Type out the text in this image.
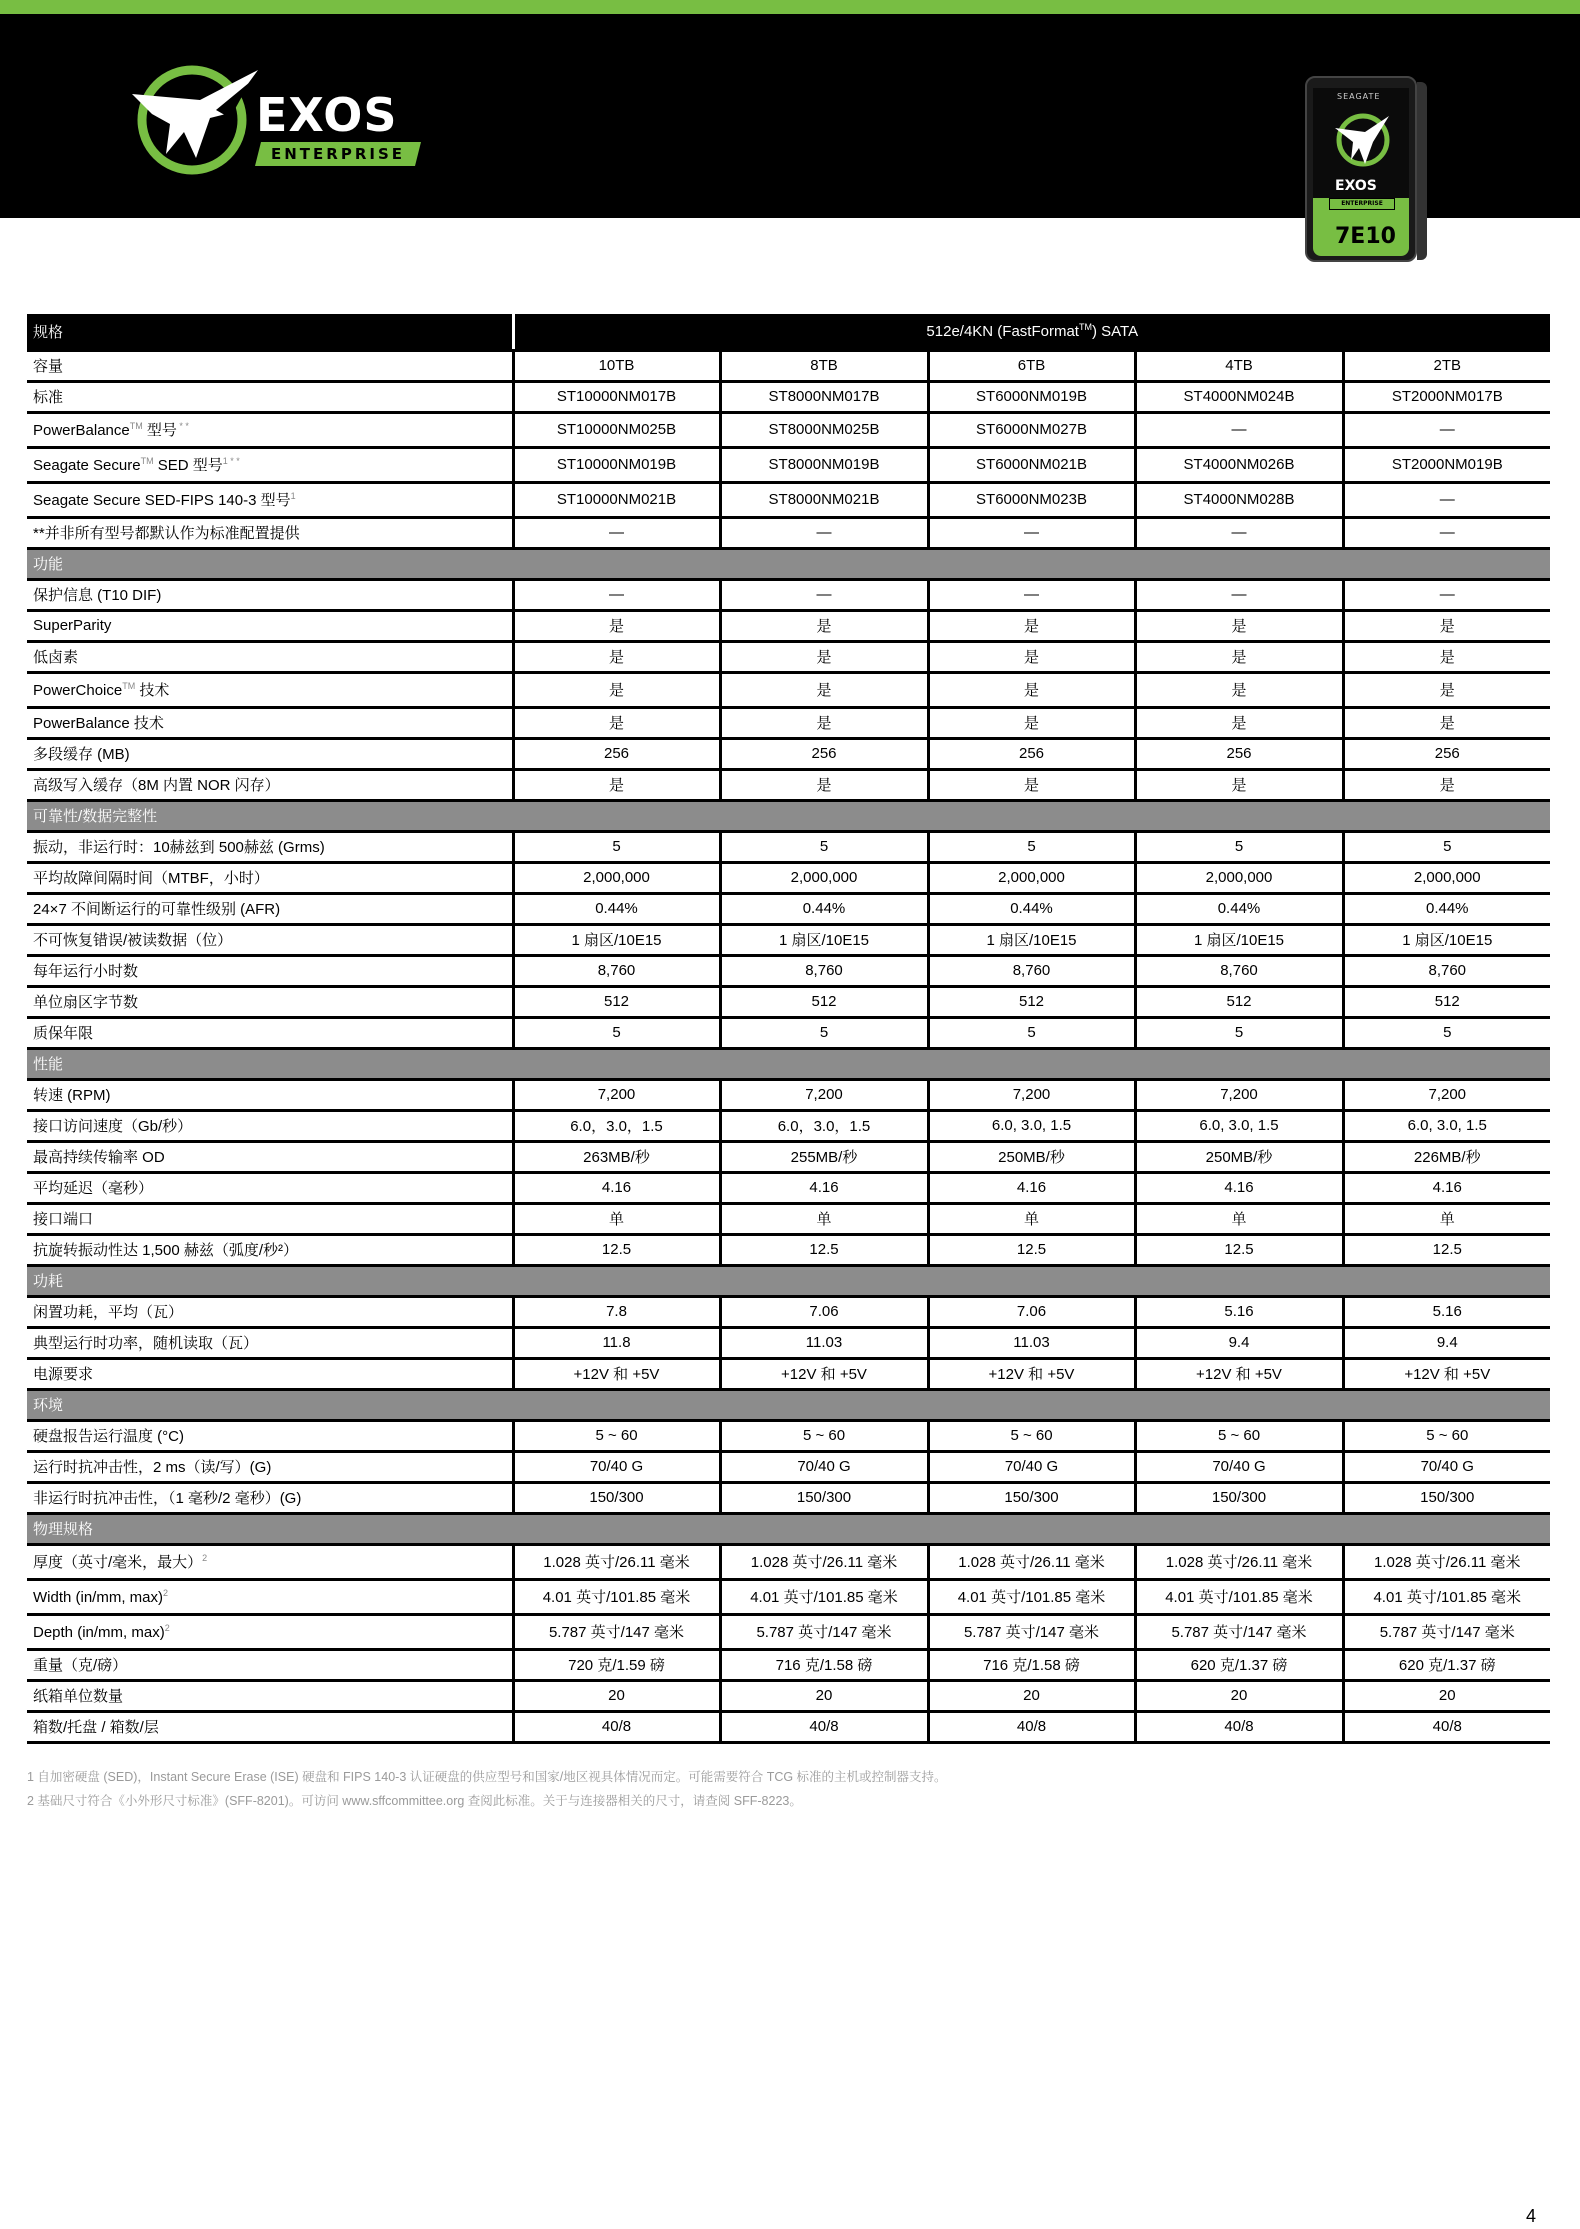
EXOS
ENTERPRISE
SEAGATE
EXOS
ENTERPRISE
7E10
规格	512e/4KN (FastFormat™) SATA				
容量	10TB	8TB	6TB	4TB	2TB
标准	ST10000NM017B	ST8000NM017B	ST6000NM019B	ST4000NM024B	ST2000NM017B
PowerBalance™ 型号 * *	ST10000NM025B	ST8000NM025B	ST6000NM027B	—	—
Seagate Secure™ SED 型号$^{1 * *}$	ST10000NM019B	ST8000NM019B	ST6000NM021B	ST4000NM026B	ST2000NM019B
Seagate Secure SED-FIPS 140-3 型号$^1$	ST10000NM021B	ST8000NM021B	ST6000NM023B	ST4000NM028B	—
**并非所有型号都默认作为标准配置提供	—	—	—	—	—
功能					
保护信息 (T10 DIF)	—	—	—	—	—
SuperParity	是	是	是	是	是
低卤素	是	是	是	是	是
PowerChoice™ 技术	是	是	是	是	是
PowerBalance 技术	是	是	是	是	是
多段缓存 (MB)	256	256	256	256	256
高级写入缓存（8M 内置 NOR 闪存）	是	是	是	是	是
可靠性/数据完整性					
振动，非运行时：10赫兹到 500赫兹 (Grms)	5	5	5	5	5
平均故障间隔时间（MTBF，小时）	2,000,000	2,000,000	2,000,000	2,000,000	2,000,000
24×7 不间断运行的可靠性级别 (AFR)	0.44%	0.44%	0.44%	0.44%	0.44%
不可恢复错误/被读数据（位）	1 扇区/10E15	1 扇区/10E15	1 扇区/10E15	1 扇区/10E15	1 扇区/10E15
每年运行小时数	8,760	8,760	8,760	8,760	8,760
单位扇区字节数	512	512	512	512	512
质保年限	5	5	5	5	5
性能					
转速 (RPM)	7,200	7,200	7,200	7,200	7,200
接口访问速度（Gb/秒）	6.0，3.0，1.5	6.0，3.0，1.5	6.0, 3.0, 1.5	6.0, 3.0, 1.5	6.0, 3.0, 1.5
最高持续传输率 OD	263MB/秒	255MB/秒	250MB/秒	250MB/秒	226MB/秒
平均延迟（毫秒）	4.16	4.16	4.16	4.16	4.16
接口端口	单	单	单	单	单
抗旋转振动性达 1,500 赫兹（弧度/秒²）	12.5	12.5	12.5	12.5	12.5
功耗					
闲置功耗，平均（瓦）	7.8	7.06	7.06	5.16	5.16
典型运行时功率，随机读取（瓦）	11.8	11.03	11.03	9.4	9.4
电源要求	+12V 和 +5V	+12V 和 +5V	+12V 和 +5V	+12V 和 +5V	+12V 和 +5V
环境					
硬盘报告运行温度 (°C)	5 ~ 60	5 ~ 60	5 ~ 60	5 ~ 60	5 ~ 60
运行时抗冲击性，2 ms（读/写）(G)	70/40 G	70/40 G	70/40 G	70/40 G	70/40 G
非运行时抗冲击性，（1 毫秒/2 毫秒）(G)	150/300	150/300	150/300	150/300	150/300
物理规格					
厚度（英寸/毫米，最大）$^2$	1.028 英寸/26.11 毫米	1.028 英寸/26.11 毫米	1.028 英寸/26.11 毫米	1.028 英寸/26.11 毫米	1.028 英寸/26.11 毫米
Width (in/mm, max)$^2$	4.01 英寸/101.85 毫米	4.01 英寸/101.85 毫米	4.01 英寸/101.85 毫米	4.01 英寸/101.85 毫米	4.01 英寸/101.85 毫米
Depth (in/mm, max)$^2$	5.787 英寸/147 毫米	5.787 英寸/147 毫米	5.787 英寸/147 毫米	5.787 英寸/147 毫米	5.787 英寸/147 毫米
重量（克/磅）	720 克/1.59 磅	716 克/1.58 磅	716 克/1.58 磅	620 克/1.37 磅	620 克/1.37 磅
纸箱单位数量	20	20	20	20	20
箱数/托盘 / 箱数/层	40/8	40/8	40/8	40/8	40/8
1 自加密硬盘 (SED)，Instant Secure Erase (ISE) 硬盘和 FIPS 140-3 认证硬盘的供应型号和国家/地区视具体情况而定。可能需要符合 TCG 标准的主机或控制器支持。
2 基础尺寸符合《小外形尺寸标准》(SFF-8201)。可访问 www.sffcommittee.org 查阅此标准。关于与连接器相关的尺寸，请查阅 SFF-8223。
4
